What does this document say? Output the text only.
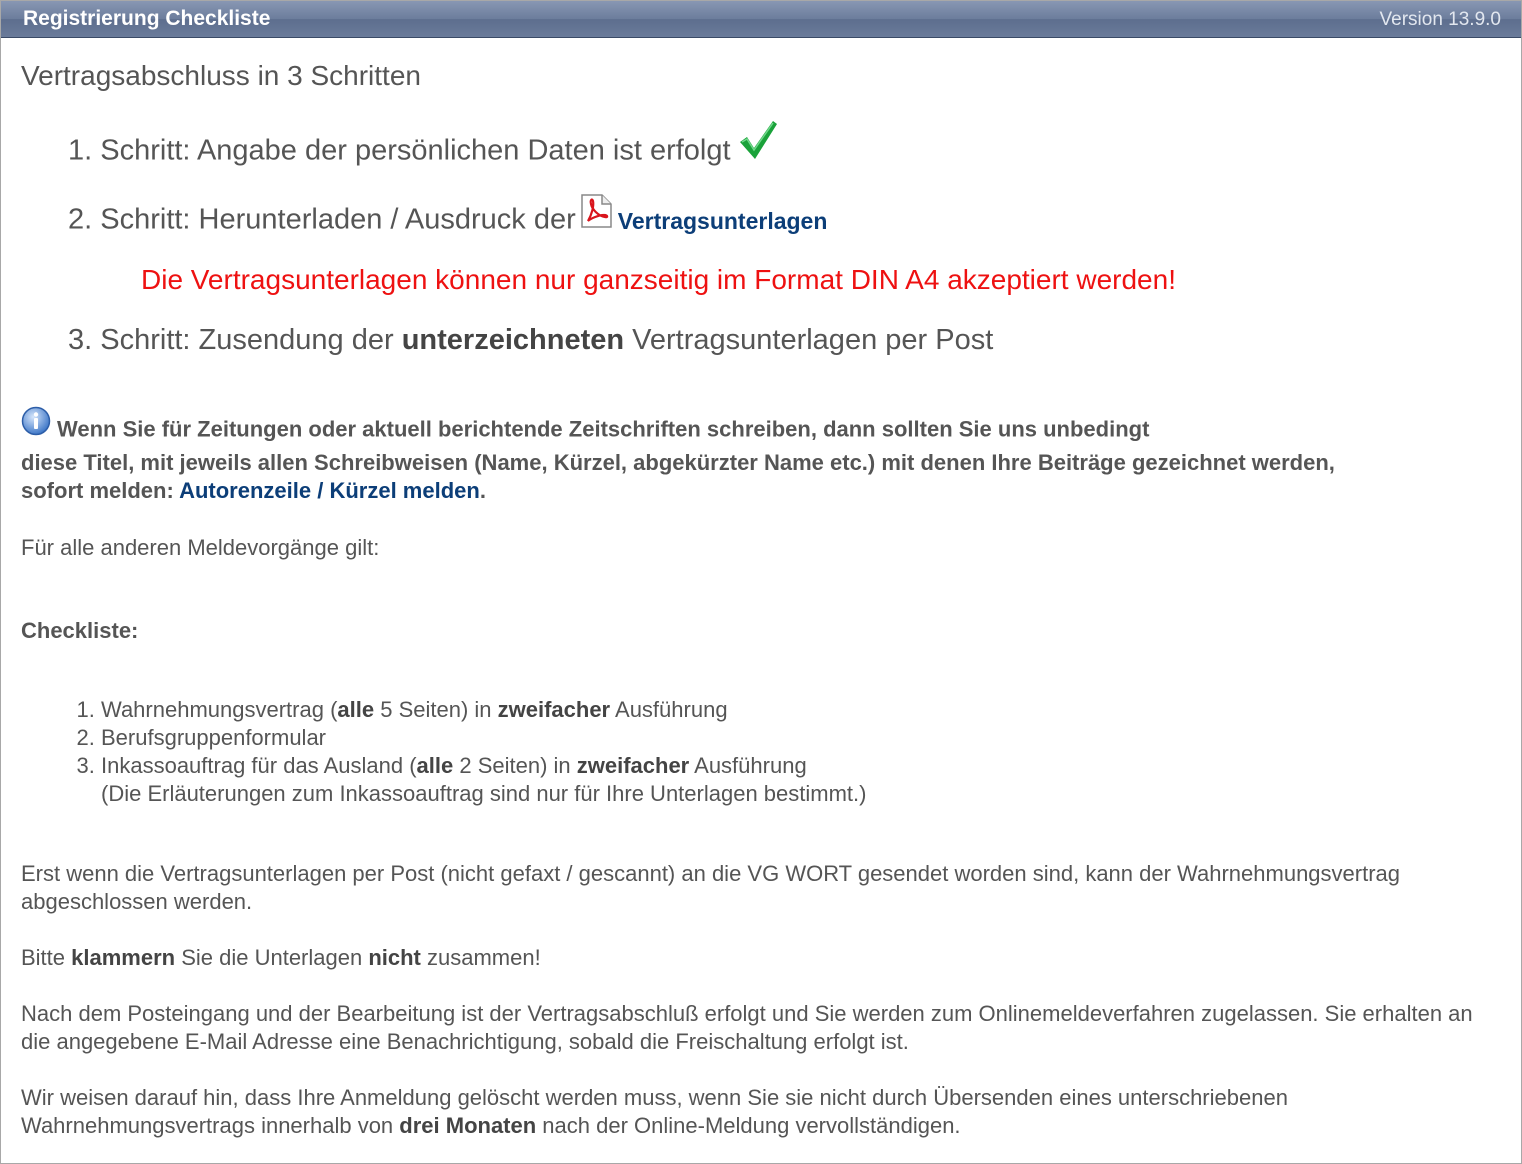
Registrierung Checkliste	Version 13.9.0
Vertragsabschluss in 3 Schritten
1. Schritt: Angabe der persönlichen Daten ist erfolgt
2. Schritt: Herunterladen / Ausdruck der Vertragsunterlagen
Die Vertragsunterlagen können nur ganzseitig im Format DIN A4 akzeptiert werden!
3. Schritt: Zusendung der unterzeichneten Vertragsunterlagen per Post
Wenn Sie für Zeitungen oder aktuell berichtende Zeitschriften schreiben, dann sollten Sie uns unbedingt
diese Titel, mit jeweils allen Schreibweisen (Name, Kürzel, abgekürzter Name etc.) mit denen Ihre Beiträge gezeichnet werden,
sofort melden: Autorenzeile / Kürzel melden.
Für alle anderen Meldevorgänge gilt:
Checkliste:
1. Wahrnehmungsvertrag (alle 5 Seiten) in zweifacher Ausführung
2. Berufsgruppenformular
3. Inkassoauftrag für das Ausland (alle 2 Seiten) in zweifacher Ausführung
(Die Erläuterungen zum Inkassoauftrag sind nur für Ihre Unterlagen bestimmt.)
Erst wenn die Vertragsunterlagen per Post (nicht gefaxt / gescannt) an die VG WORT gesendet worden sind, kann der Wahrnehmungsvertrag abgeschlossen werden.
Bitte klammern Sie die Unterlagen nicht zusammen!
Nach dem Posteingang und der Bearbeitung ist der Vertragsabschluß erfolgt und Sie werden zum Onlinemeldeverfahren zugelassen. Sie erhalten an die angegebene E-Mail Adresse eine Benachrichtigung, sobald die Freischaltung erfolgt ist.
Wir weisen darauf hin, dass Ihre Anmeldung gelöscht werden muss, wenn Sie sie nicht durch Übersenden eines unterschriebenen Wahrnehmungsvertrags innerhalb von drei Monaten nach der Online-Meldung vervollständigen.
